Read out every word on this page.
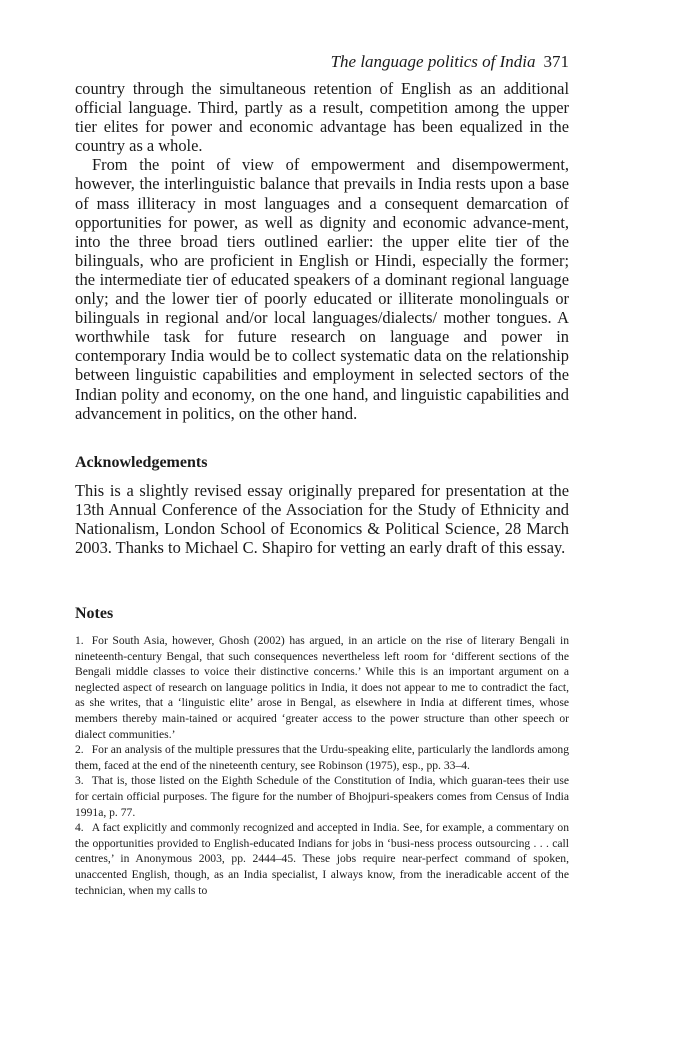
The language politics of India 371

country through the simultaneous retention of English as an additional official language. Third, partly as a result, competition among the upper tier elites for power and economic advantage has been equalized in the country as a whole.

From the point of view of empowerment and disempowerment, however, the interlinguistic balance that prevails in India rests upon a base of mass illiteracy in most languages and a consequent demarcation of opportunities for power, as well as dignity and economic advance-ment, into the three broad tiers outlined earlier: the upper elite tier of the bilinguals, who are proficient in English or Hindi, especially the former; the intermediate tier of educated speakers of a dominant regional language only; and the lower tier of poorly educated or illiterate monolinguals or bilinguals in regional and/or local languages/dialects/ mother tongues. A worthwhile task for future research on language and power in contemporary India would be to collect systematic data on the relationship between linguistic capabilities and employment in selected sectors of the Indian polity and economy, on the one hand, and linguistic capabilities and advancement in politics, on the other hand.

Acknowledgements

This is a slightly revised essay originally prepared for presentation at the 13th Annual Conference of the Association for the Study of Ethnicity and Nationalism, London School of Economics & Political Science, 28 March 2003. Thanks to Michael C. Shapiro for vetting an early draft of this essay.

Notes

1. For South Asia, however, Ghosh (2002) has argued, in an article on the rise of literary Bengali in nineteenth-century Bengal, that such consequences nevertheless left room for ‘different sections of the Bengali middle classes to voice their distinctive concerns.’ While this is an important argument on a neglected aspect of research on language politics in India, it does not appear to me to contradict the fact, as she writes, that a ‘linguistic elite’ arose in Bengal, as elsewhere in India at different times, whose members thereby main-tained or acquired ‘greater access to the power structure than other speech or dialect communities.’

2. For an analysis of the multiple pressures that the Urdu-speaking elite, particularly the landlords among them, faced at the end of the nineteenth century, see Robinson (1975), esp., pp. 33–4.

3. That is, those listed on the Eighth Schedule of the Constitution of India, which guaran-tees their use for certain official purposes. The figure for the number of Bhojpuri-speakers comes from Census of India 1991a, p. 77.

4. A fact explicitly and commonly recognized and accepted in India. See, for example, a commentary on the opportunities provided to English-educated Indians for jobs in ‘busi-ness process outsourcing . . . call centres,’ in Anonymous 2003, pp. 2444–45. These jobs require near-perfect command of spoken, unaccented English, though, as an India specialist, I always know, from the ineradicable accent of the technician, when my calls to
